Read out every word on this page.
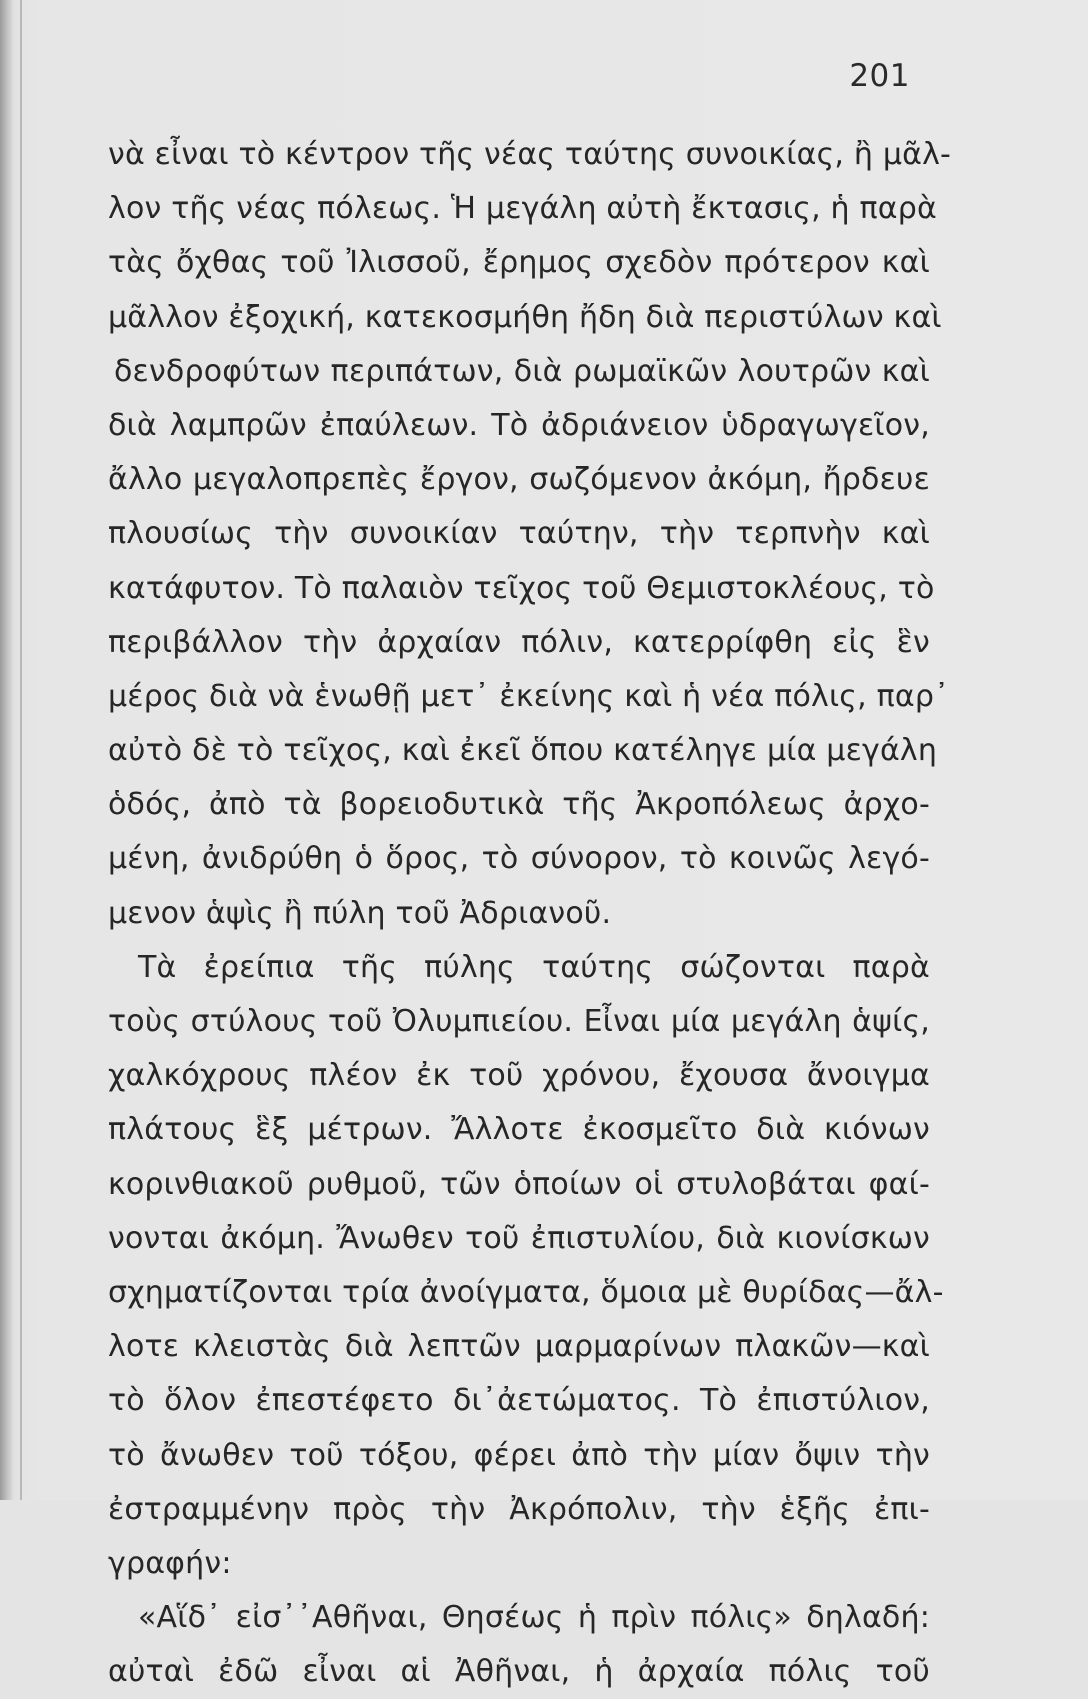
201
νὰ εἶναι τὸ κέντρον τῆς νέας ταύτης συνοικίας, ἢ μᾶλ-
λον τῆς νέας πόλεως. Ἡ μεγάλη αὐτὴ ἔκτασις, ἡ παρὰ
τὰς ὄχθας τοῦ Ἰλισσοῦ, ἔρημος σχεδὸν πρότερον καὶ
μᾶλλον ἐξοχική, κατεκοσμήθη ἤδη διὰ περιστύλων καὶ
δενδροφύτων περιπάτων, διὰ ρωμαϊκῶν λουτρῶν καὶ
διὰ λαμπρῶν ἐπαύλεων. Τὸ ἀδριάνειον ὑδραγωγεῖον,
ἄλλο μεγαλοπρεπὲς ἔργον, σωζόμενον ἀκόμη, ἤρδευε
πλουσίως τὴν συνοικίαν ταύτην, τὴν τερπνὴν καὶ
κατάφυτον. Τὸ παλαιὸν τεῖχος τοῦ Θεμιστοκλέους, τὸ
περιβάλλον τὴν ἀρχαίαν πόλιν, κατερρίφθη εἰς ἓν
μέρος διὰ νὰ ἑνωθῇ μετ᾽ ἐκείνης καὶ ἡ νέα πόλις, παρ᾽
αὐτὸ δὲ τὸ τεῖχος, καὶ ἐκεῖ ὅπου κατέληγε μία μεγάλη
ὁδός, ἀπὸ τὰ βορειοδυτικὰ τῆς Ἀκροπόλεως ἀρχο-
μένη, ἀνιδρύθη ὁ ὅρος, τὸ σύνορον, τὸ κοινῶς λεγό-
μενον ἁψὶς ἢ πύλη τοῦ Ἀδριανοῦ.
Τὰ ἐρείπια τῆς πύλης ταύτης σώζονται παρὰ
τοὺς στύλους τοῦ Ὀλυμπιείου. Εἶναι μία μεγάλη ἁψίς,
χαλκόχρους πλέον ἐκ τοῦ χρόνου, ἔχουσα ἄνοιγμα
πλάτους ἓξ μέτρων. Ἄλλοτε ἐκοσμεῖτο διὰ κιόνων
κορινθιακοῦ ρυθμοῦ, τῶν ὁποίων οἱ στυλοβάται φαί-
νονται ἀκόμη. Ἄνωθεν τοῦ ἐπιστυλίου, διὰ κιονίσκων
σχηματίζονται τρία ἀνοίγματα, ὅμοια μὲ θυρίδας—ἄλ-
λοτε κλειστὰς διὰ λεπτῶν μαρμαρίνων πλακῶν—καὶ
τὸ ὅλον ἐπεστέφετο δι᾽ἀετώματος. Τὸ ἐπιστύλιον,
τὸ ἄνωθεν τοῦ τόξου, φέρει ἀπὸ τὴν μίαν ὄψιν τὴν
ἐστραμμένην πρὸς τὴν Ἀκρόπολιν, τὴν ἑξῆς ἐπι-
γραφήν:
«Αἵδ᾽ εἰσ᾽᾽Αθῆναι, Θησέως ἡ πρὶν πόλις» δηλαδή:
αὐταὶ ἐδῶ εἶναι αἱ Ἀθῆναι, ἡ ἀρχαία πόλις τοῦ
